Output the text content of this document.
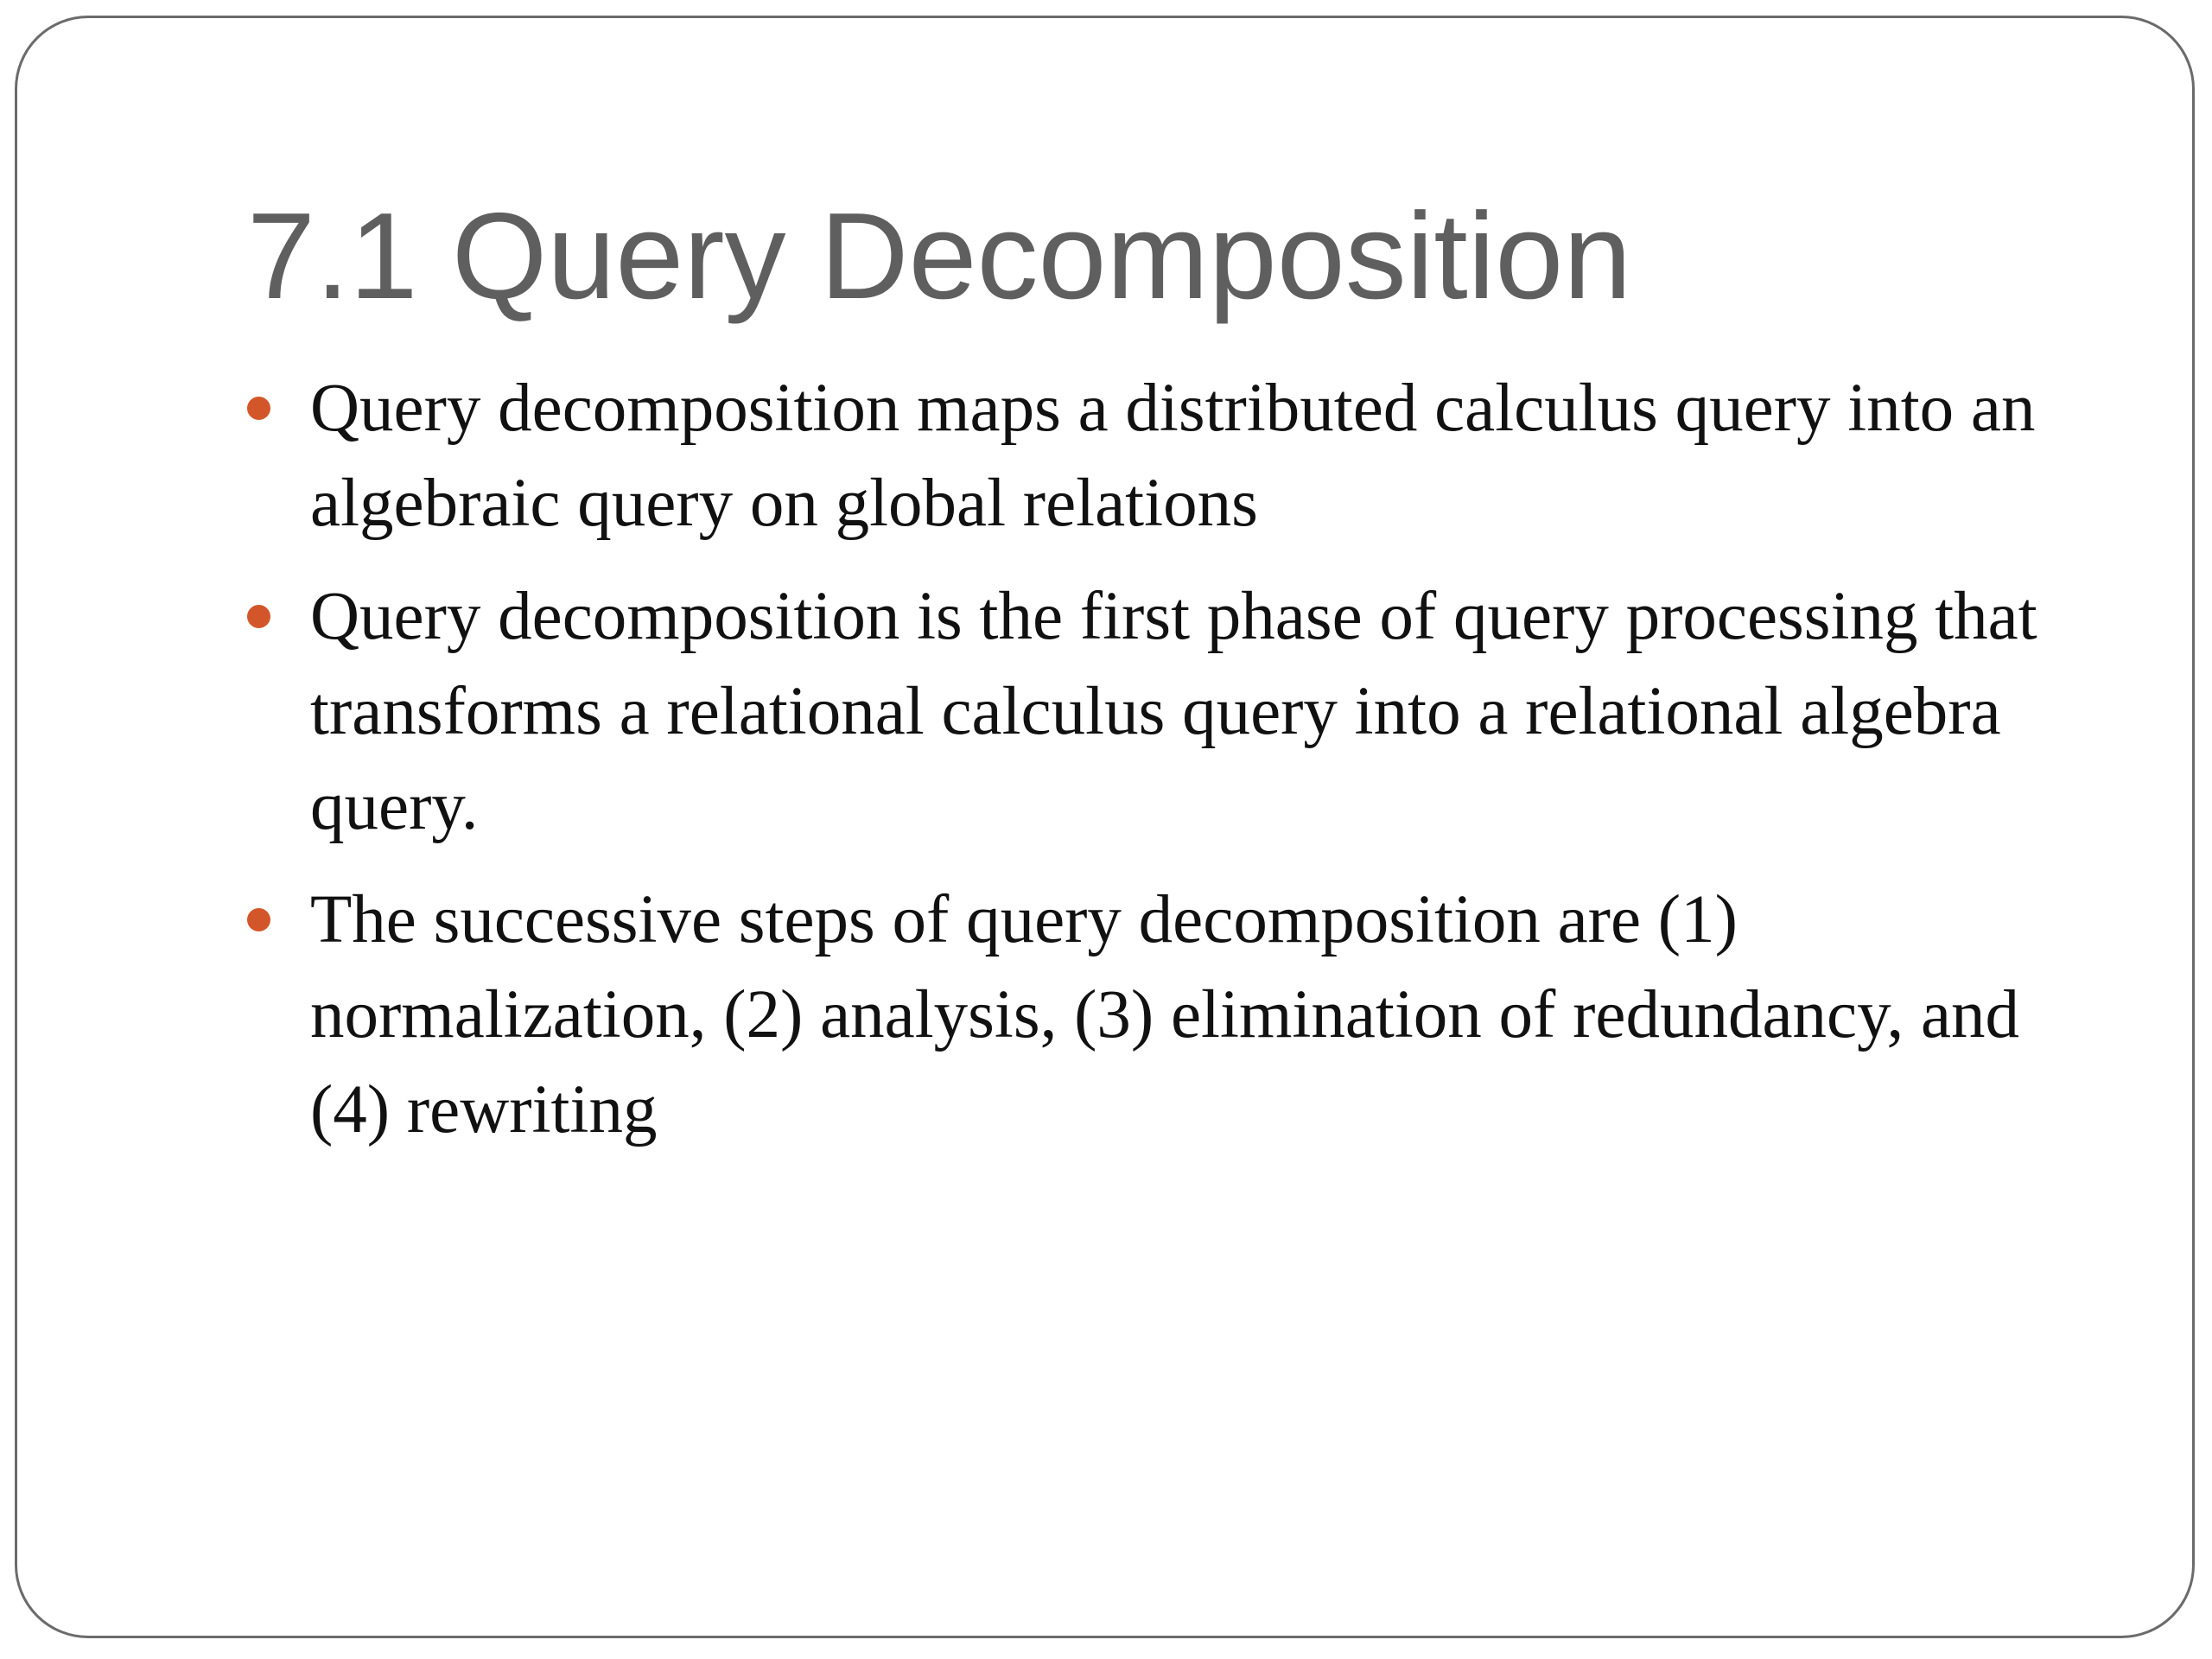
7.1 Query Decomposition
Query decomposition maps a distributed calculus query into an algebraic query on global relations
Query decomposition is the first phase of query processing that transforms a relational calculus query into a relational algebra query.
The successive steps of query decomposition are (1) normalization, (2) analysis, (3) elimination of redundancy, and (4) rewriting
